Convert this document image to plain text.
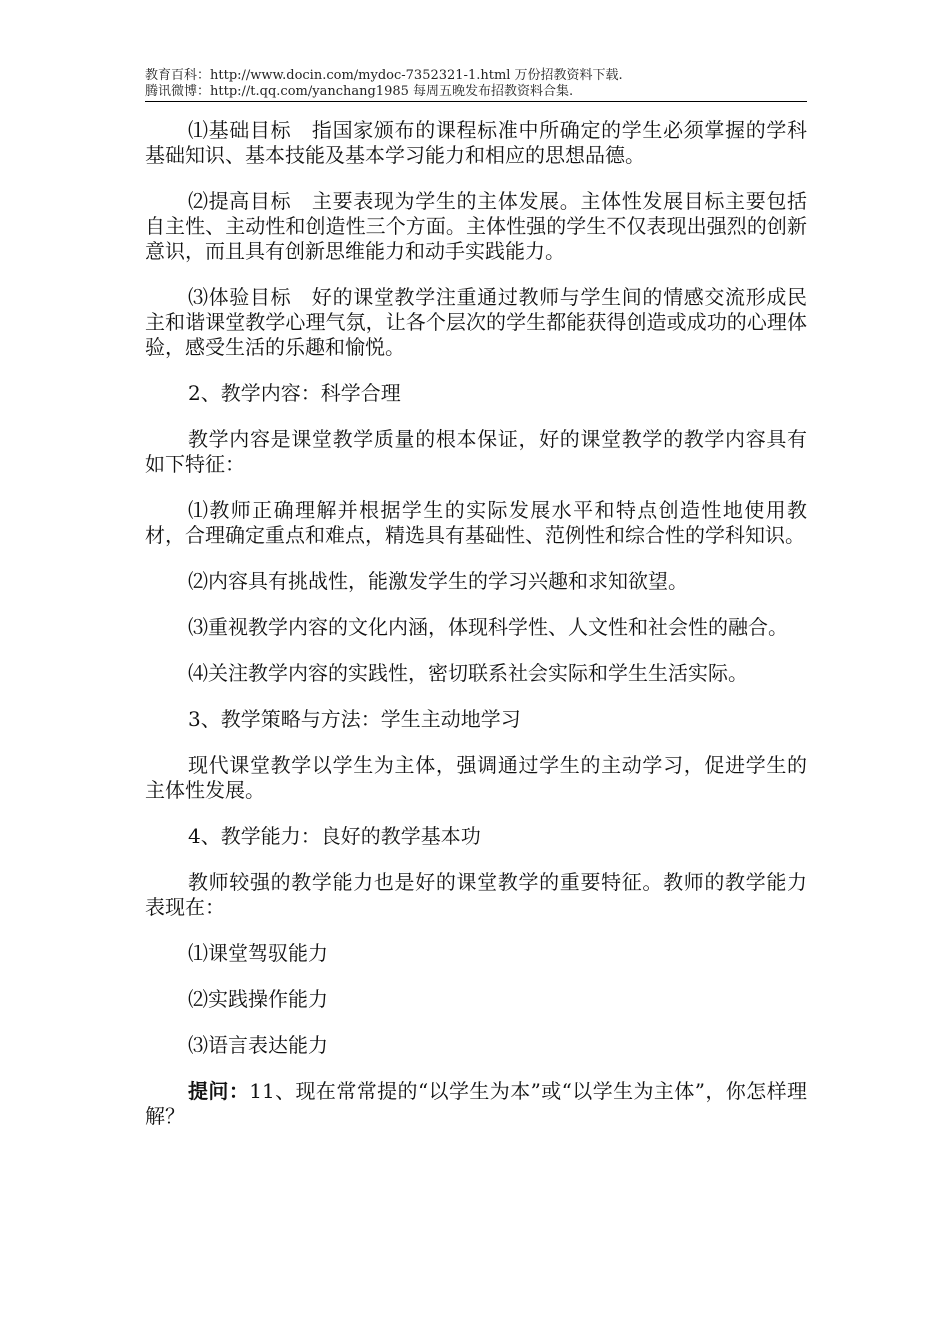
教育百科：http://www.docin.com/mydoc-7352321-1.html 万份招教资料下载.
腾讯微博：http://t.qq.com/yanchang1985 每周五晚发布招教资料合集.

⑴基础目标　指国家颁布的课程标准中所确定的学生必须掌握的学科基础知识、基本技能及基本学习能力和相应的思想品德。

⑵提高目标　主要表现为学生的主体发展。主体性发展目标主要包括自主性、主动性和创造性三个方面。主体性强的学生不仅表现出强烈的创新意识，而且具有创新思维能力和动手实践能力。

⑶体验目标　好的课堂教学注重通过教师与学生间的情感交流形成民主和谐课堂教学心理气氛，让各个层次的学生都能获得创造或成功的心理体验，感受生活的乐趣和愉悦。

2、教学内容：科学合理

教学内容是课堂教学质量的根本保证，好的课堂教学的教学内容具有如下特征：

⑴教师正确理解并根据学生的实际发展水平和特点创造性地使用教材，合理确定重点和难点，精选具有基础性、范例性和综合性的学科知识。

⑵内容具有挑战性，能激发学生的学习兴趣和求知欲望。

⑶重视教学内容的文化内涵，体现科学性、人文性和社会性的融合。

⑷关注教学内容的实践性，密切联系社会实际和学生生活实际。

3、教学策略与方法：学生主动地学习

现代课堂教学以学生为主体，强调通过学生的主动学习，促进学生的主体性发展。

4、教学能力：良好的教学基本功

教师较强的教学能力也是好的课堂教学的重要特征。教师的教学能力表现在：

⑴课堂驾驭能力

⑵实践操作能力

⑶语言表达能力

提问：11、现在常常提的“以学生为本”或“以学生为主体”，你怎样理解？
